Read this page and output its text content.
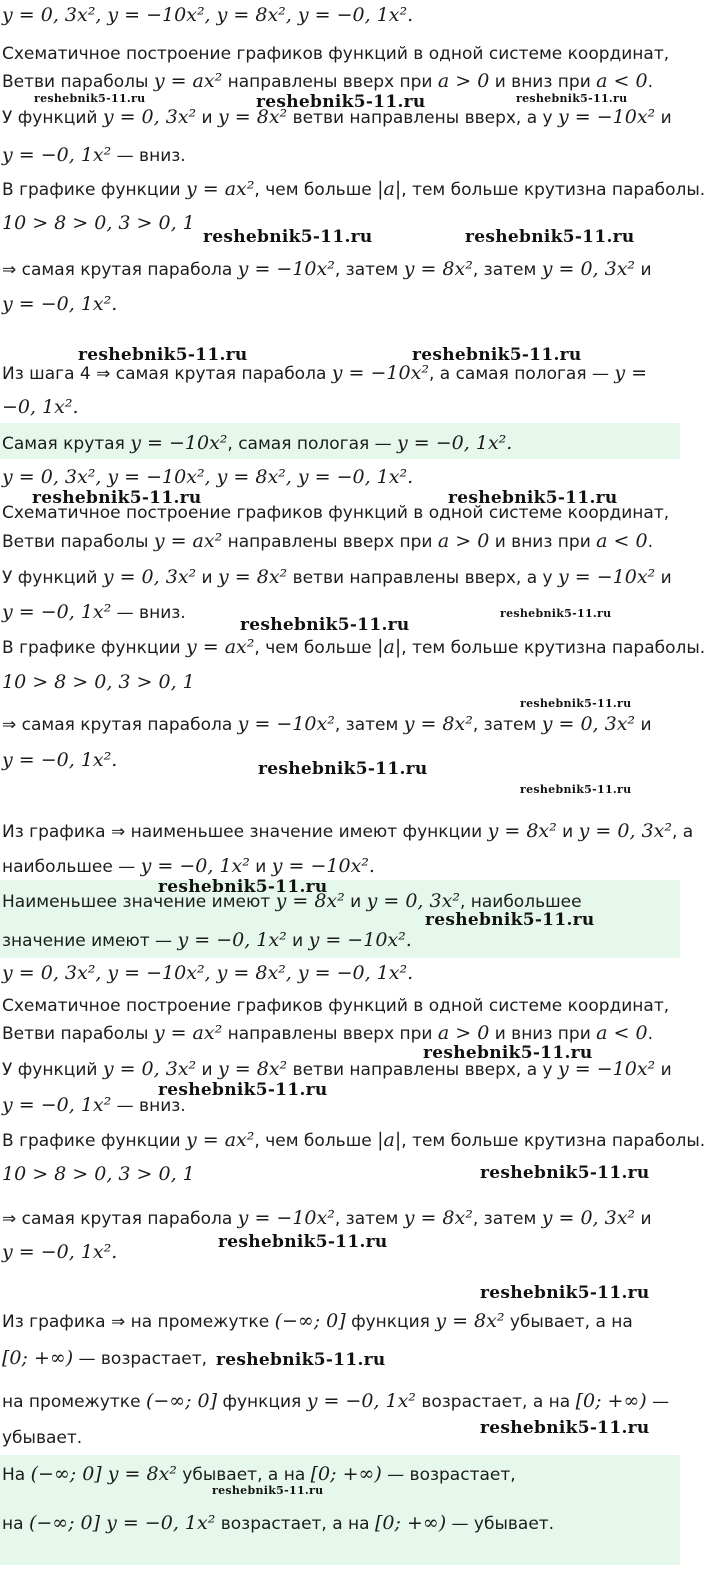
y = 0, 3x², y = −10x², y = 8x², y = −0, 1x².
Схематичное построение графиков функций в одной системе координат,
Ветви параболы y = ax² направлены вверх при a > 0 и вниз при a < 0.
У функций y = 0, 3x² и y = 8x² ветви направлены вверх, а у y = −10x² и
y = −0, 1x² — вниз.
В графике функции y = ax², чем больше |a|, тем больше крутизна параболы.
10 > 8 > 0, 3 > 0, 1
⇒ самая крутая парабола y = −10x², затем y = 8x², затем y = 0, 3x² и
y = −0, 1x².
Из шага 4 ⇒ самая крутая парабола y = −10x², а самая пологая — y =
−0, 1x².
Самая крутая y = −10x², самая пологая — y = −0, 1x².
y = 0, 3x², y = −10x², y = 8x², y = −0, 1x².
Схематичное построение графиков функций в одной системе координат,
Ветви параболы y = ax² направлены вверх при a > 0 и вниз при a < 0.
У функций y = 0, 3x² и y = 8x² ветви направлены вверх, а у y = −10x² и
y = −0, 1x² — вниз.
В графике функции y = ax², чем больше |a|, тем больше крутизна параболы.
10 > 8 > 0, 3 > 0, 1
⇒ самая крутая парабола y = −10x², затем y = 8x², затем y = 0, 3x² и
y = −0, 1x².
Из графика ⇒ наименьшее значение имеют функции y = 8x² и y = 0, 3x², а
наибольшее — y = −0, 1x² и y = −10x².
Наименьшее значение имеют y = 8x² и y = 0, 3x², наибольшее
значение имеют — y = −0, 1x² и y = −10x².
y = 0, 3x², y = −10x², y = 8x², y = −0, 1x².
Схематичное построение графиков функций в одной системе координат,
Ветви параболы y = ax² направлены вверх при a > 0 и вниз при a < 0.
У функций y = 0, 3x² и y = 8x² ветви направлены вверх, а у y = −10x² и
y = −0, 1x² — вниз.
В графике функции y = ax², чем больше |a|, тем больше крутизна параболы.
10 > 8 > 0, 3 > 0, 1
⇒ самая крутая парабола y = −10x², затем y = 8x², затем y = 0, 3x² и
y = −0, 1x².
Из графика ⇒ на промежутке (−∞; 0] функция y = 8x² убывает, а на
[0; +∞) — возрастает,
на промежутке (−∞; 0] функция y = −0, 1x² возрастает, а на [0; +∞) —
убывает.
На (−∞; 0] y = 8x² убывает, а на [0; +∞) — возрастает,
на (−∞; 0] y = −0, 1x² возрастает, а на [0; +∞) — убывает.
reshebnik5-11.ru	reshebnik5-11.ru	reshebnik5-11.ru
reshebnik5-11.ru	reshebnik5-11.ru
reshebnik5-11.ru	reshebnik5-11.ru
reshebnik5-11.ru	reshebnik5-11.ru
reshebnik5-11.ru
reshebnik5-11.ru
reshebnik5-11.ru
reshebnik5-11.ru
reshebnik5-11.ru
reshebnik5-11.ru
reshebnik5-11.ru
reshebnik5-11.ru
reshebnik5-11.ru
reshebnik5-11.ru
reshebnik5-11.ru
reshebnik5-11.ru
reshebnik5-11.ru
reshebnik5-11.ru
reshebnik5-11.ru
